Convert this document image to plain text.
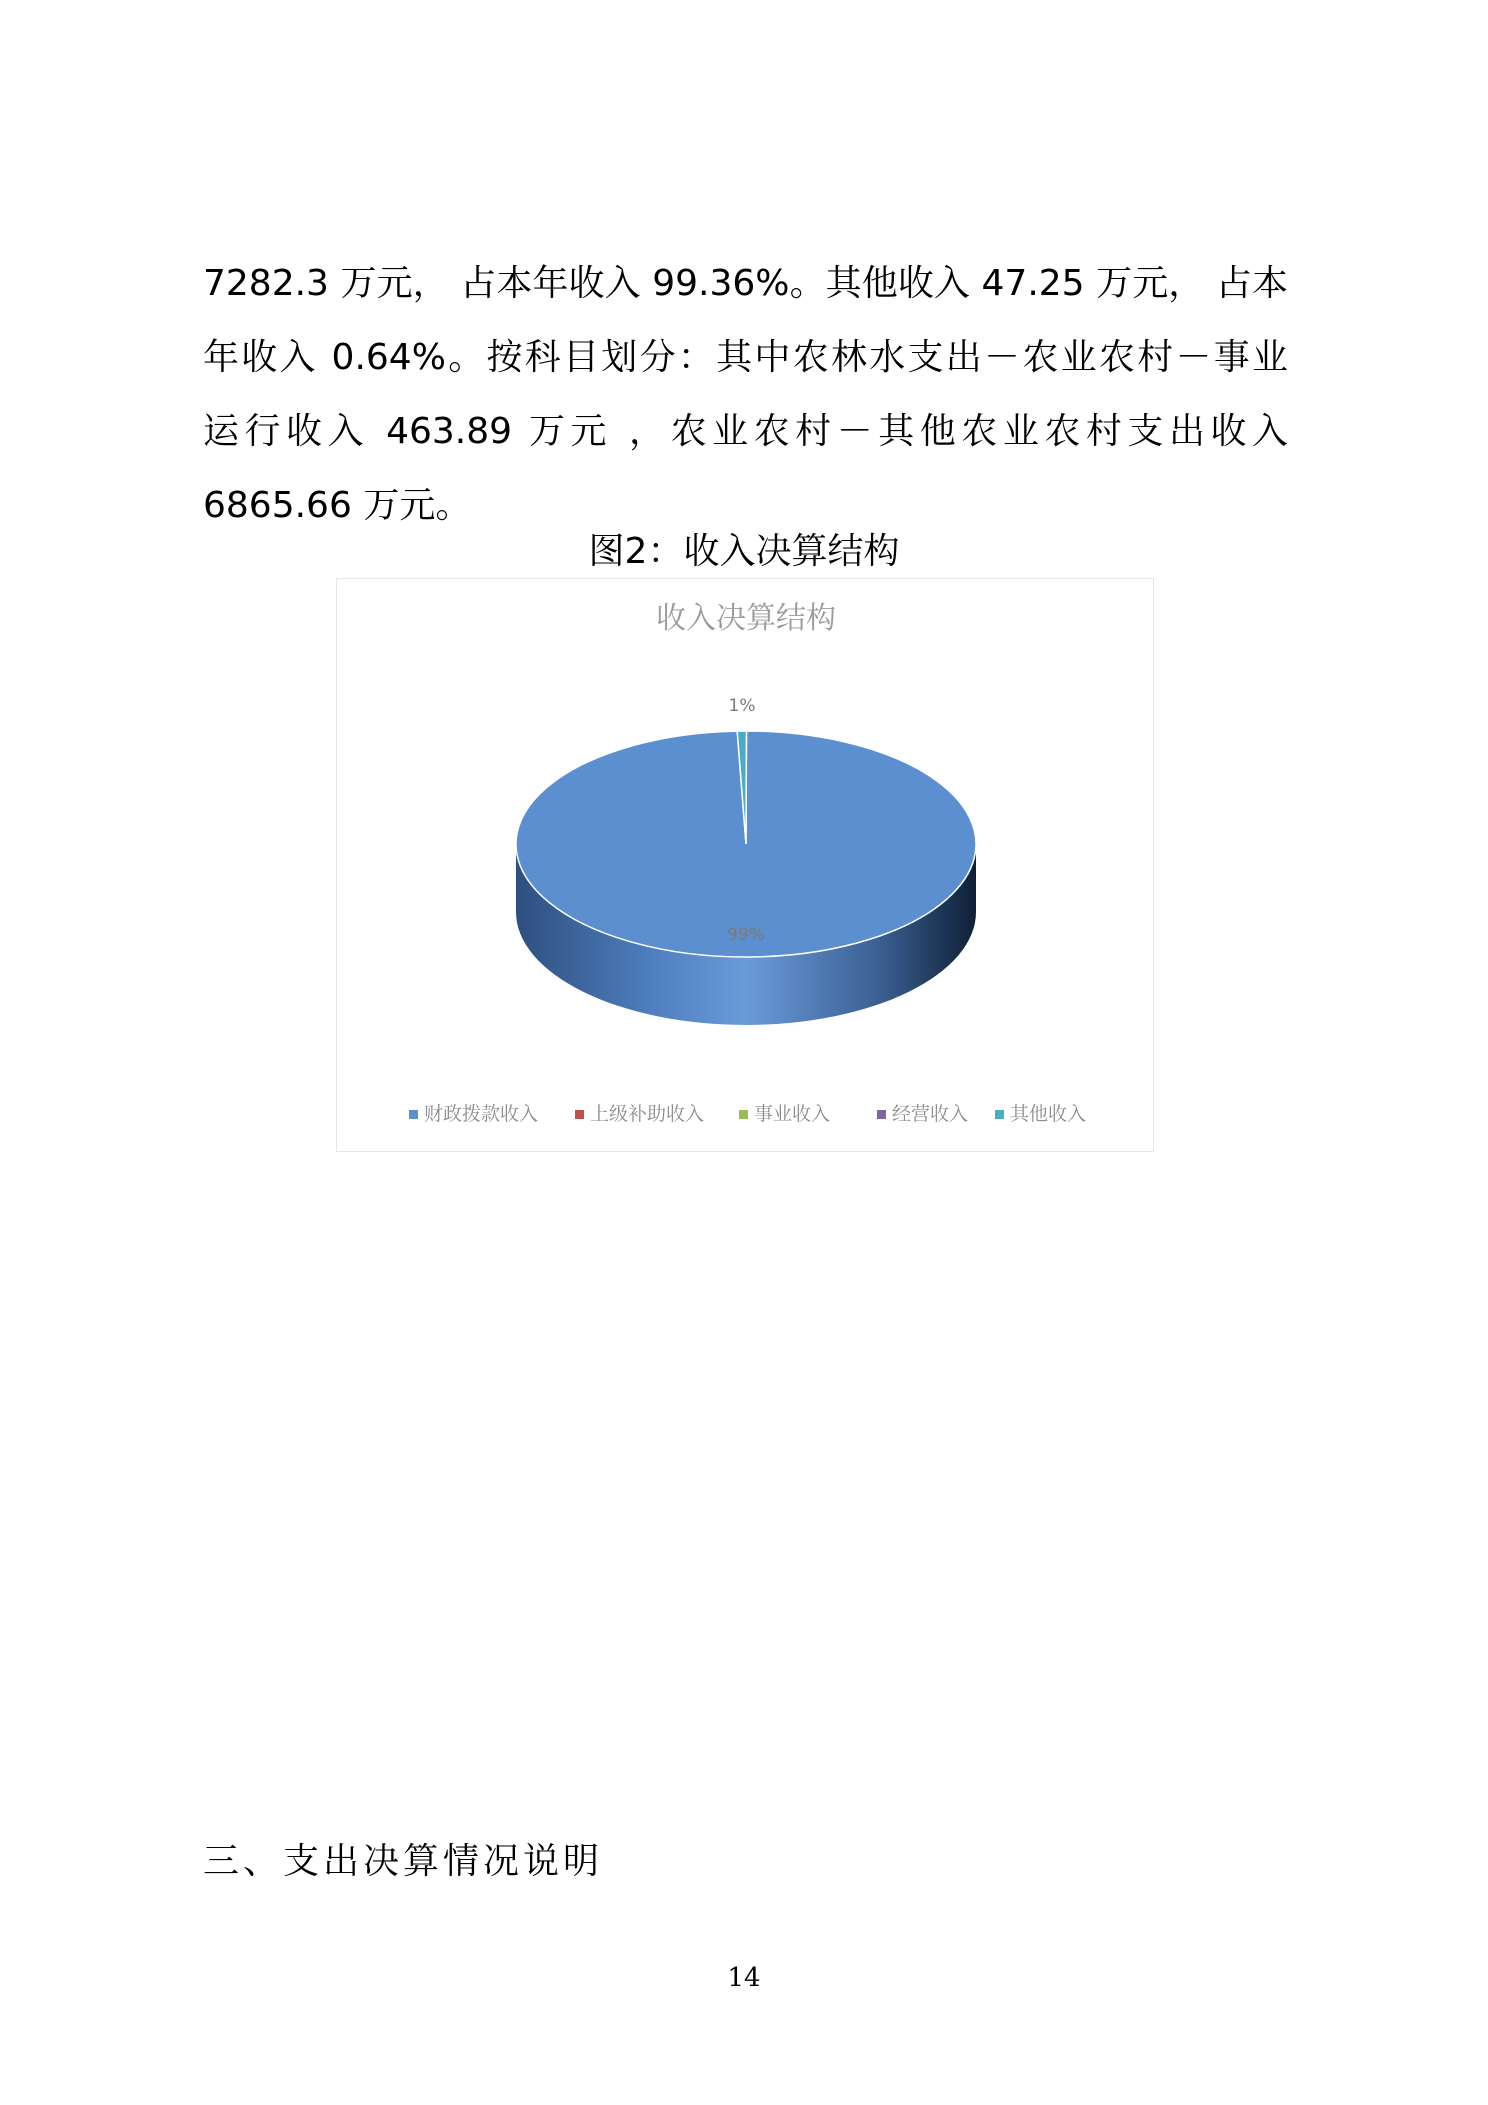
7282.3 万元， 占本年收入 99.36%。其他收入 47.25 万元， 占本
年收入 0.64%。按科目划分：其中农林水支出－农业农村－事业
运行收入 463.89 万元 ，农业农村－其他农业农村支出收入
6865.66 万元。
图2：收入决算结构
收入决算结构
99%
1%
财政拨款收入	上级补助收入	事业收入	经营收入 其他收入
三、支出决算情况说明
14
